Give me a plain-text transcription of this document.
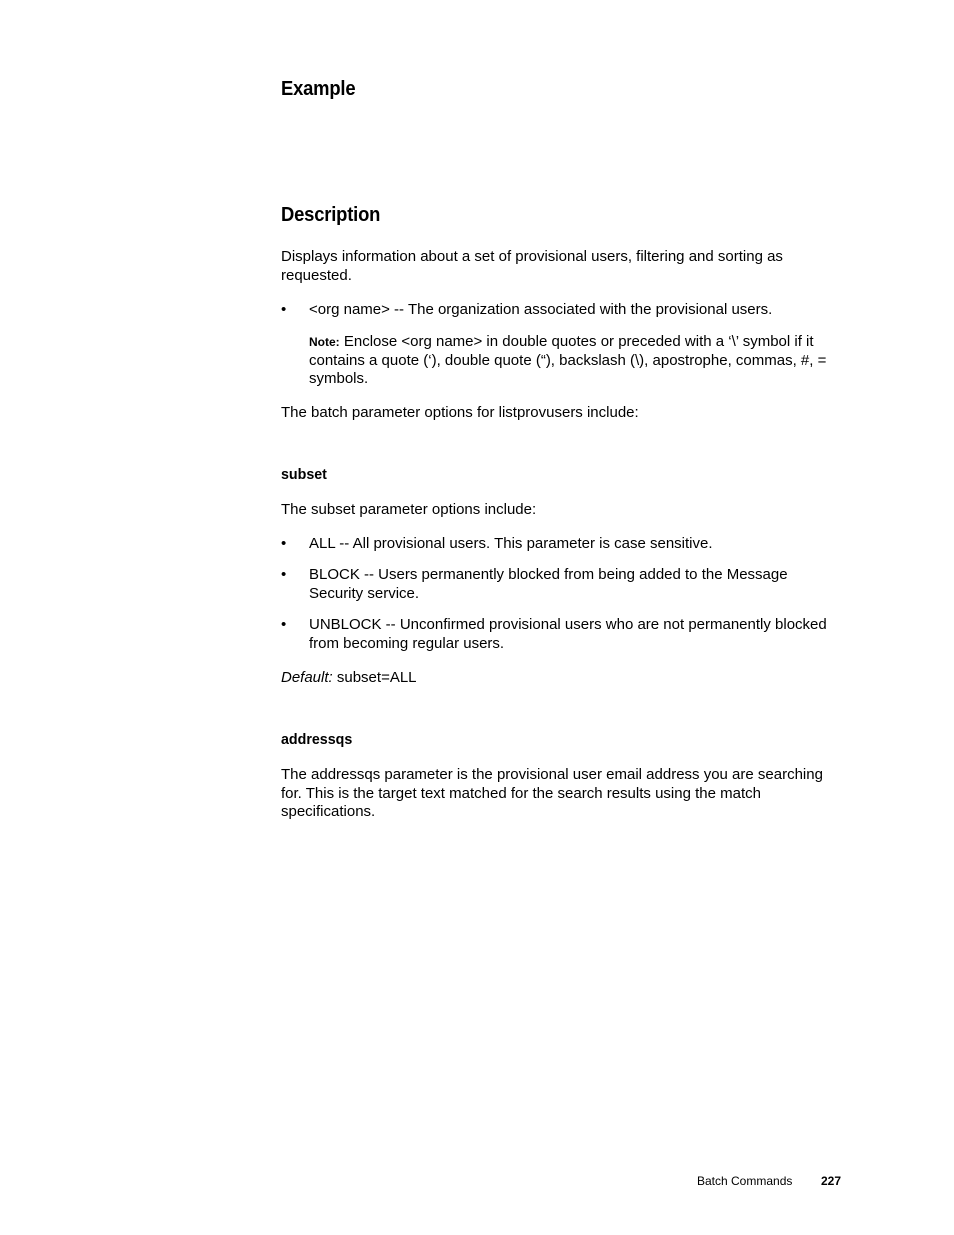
Example
Description

Displays information about a set of provisional users, filtering and sorting as requested.

• <org name> -- The organization associated with the provisional users.
Note: Enclose <org name> in double quotes or preceded with a ‘\’ symbol if it contains a quote (‘), double quote (“), backslash (\), apostrophe, commas, #, = symbols.

The batch parameter options for listprovusers include:

subset

The subset parameter options include:

• ALL -- All provisional users. This parameter is case sensitive.
• BLOCK -- Users permanently blocked from being added to the Message Security service.
• UNBLOCK -- Unconfirmed provisional users who are not permanently blocked from becoming regular users.

Default: subset=ALL

addressqs

The addressqs parameter is the provisional user email address you are searching for. This is the target text matched for the search results using the match specifications.

Batch Commands 227
